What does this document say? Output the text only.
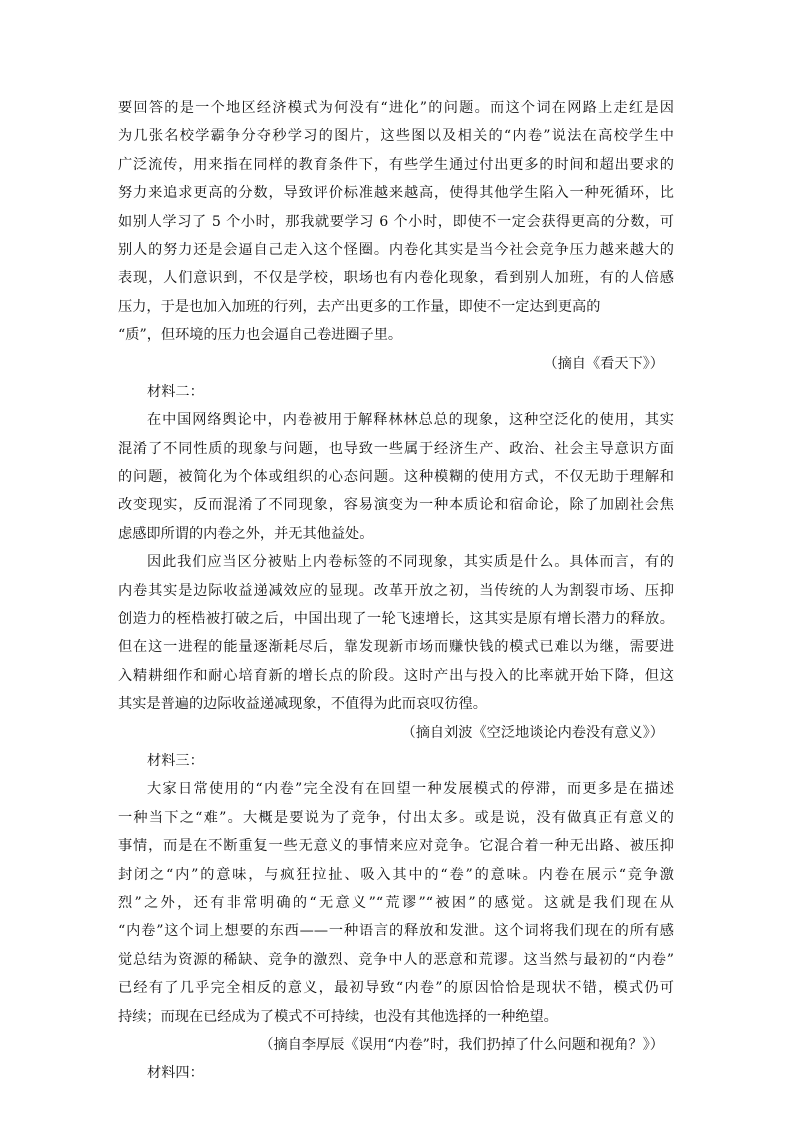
要回答的是一个地区经济模式为何没有“进化”的问题。而这个词在网路上走红是因
为几张名校学霸争分夺秒学习的图片，这些图以及相关的“内卷”说法在高校学生中
广泛流传，用来指在同样的教育条件下，有些学生通过付出更多的时间和超出要求的
努力来追求更高的分数，导致评价标准越来越高，使得其他学生陷入一种死循环，比
如别人学习了 5 个小时，那我就要学习 6 个小时，即使不一定会获得更高的分数，可
别人的努力还是会逼自己走入这个怪圈。内卷化其实是当今社会竞争压力越来越大的
表现，人们意识到，不仅是学校，职场也有内卷化现象，看到别人加班，有的人倍感
压力，于是也加入加班的行列，去产出更多的工作量，即使不一定达到更高的
“质”，但环境的压力也会逼自己卷进圈子里。
（摘自《看天下》）
材料二：
在中国网络舆论中，内卷被用于解释林林总总的现象，这种空泛化的使用，其实
混淆了不同性质的现象与问题，也导致一些属于经济生产、政治、社会主导意识方面
的问题，被简化为个体或组织的心态问题。这种模糊的使用方式，不仅无助于理解和
改变现实，反而混淆了不同现象，容易演变为一种本质论和宿命论，除了加剧社会焦
虑感即所谓的内卷之外，并无其他益处。
因此我们应当区分被贴上内卷标签的不同现象，其实质是什么。具体而言，有的
内卷其实是边际收益递减效应的显现。改革开放之初，当传统的人为割裂市场、压抑
创造力的桎梏被打破之后，中国出现了一轮飞速增长，这其实是原有增长潜力的释放。
但在这一进程的能量逐渐耗尽后，靠发现新市场而赚快钱的模式已难以为继，需要进
入精耕细作和耐心培育新的增长点的阶段。这时产出与投入的比率就开始下降，但这
其实是普遍的边际收益递减现象，不值得为此而哀叹彷徨。
（摘自刘波《空泛地谈论内卷没有意义》）
材料三：
大家日常使用的“内卷”完全没有在回望一种发展模式的停滞，而更多是在描述
一种当下之“难”。大概是要说为了竞争，付出太多。或是说，没有做真正有意义的
事情，而是在不断重复一些无意义的事情来应对竞争。它混合着一种无出路、被压抑
封闭之“内”的意味，与疯狂拉扯、吸入其中的“卷”的意味。内卷在展示“竞争激
烈”之外，还有非常明确的“无意义”“荒谬”“被困”的感觉。这就是我们现在从
“内卷”这个词上想要的东西——一种语言的释放和发泄。这个词将我们现在的所有感
觉总结为资源的稀缺、竞争的激烈、竞争中人的恶意和荒谬。这当然与最初的“内卷”
已经有了几乎完全相反的意义，最初导致“内卷”的原因恰恰是现状不错，模式仍可
持续；而现在已经成为了模式不可持续，也没有其他选择的一种绝望。
（摘自李厚辰《误用“内卷”时，我们扔掉了什么问题和视角？》）
材料四：
